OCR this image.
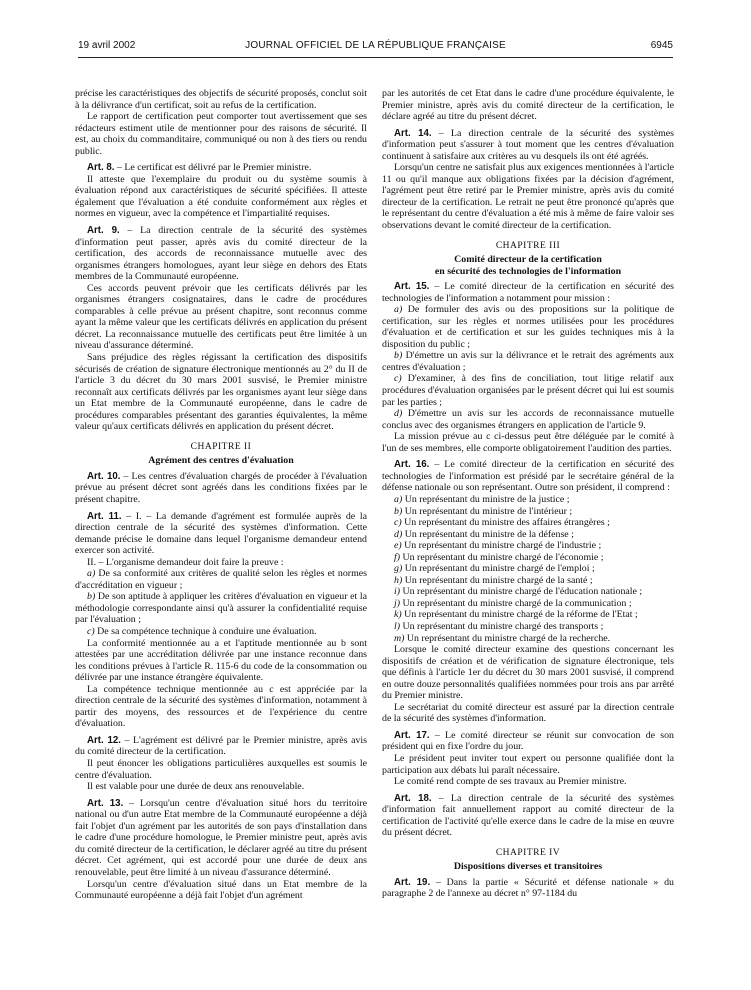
19 avril 2002	JOURNAL OFFICIEL DE LA RÉPUBLIQUE FRANÇAISE	6945

précise les caractéristiques des objectifs de sécurité proposés, conclut soit à la délivrance d'un certificat, soit au refus de la certification.

Le rapport de certification peut comporter tout avertissement que ses rédacteurs estiment utile de mentionner pour des raisons de sécurité. Il est, au choix du commanditaire, communiqué ou non à des tiers ou rendu public.

Art. 8. – Le certificat est délivré par le Premier ministre.

Il atteste que l'exemplaire du produit ou du système soumis à évaluation répond aux caractéristiques de sécurité spécifiées. Il atteste également que l'évaluation a été conduite conformément aux règles et normes en vigueur, avec la compétence et l'impartialité requises.

Art. 9. – La direction centrale de la sécurité des systèmes d'information peut passer, après avis du comité directeur de la certification, des accords de reconnaissance mutuelle avec des organismes étrangers homologues, ayant leur siège en dehors des Etats membres de la Communauté européenne.

Ces accords peuvent prévoir que les certificats délivrés par les organismes étrangers cosignataires, dans le cadre de procédures comparables à celle prévue au présent chapitre, sont reconnus comme ayant la même valeur que les certificats délivrés en application du présent décret. La reconnaissance mutuelle des certificats peut être limitée à un niveau d'assurance déterminé.

Sans préjudice des règles régissant la certification des dispositifs sécurisés de création de signature électronique mentionnés au 2° du II de l'article 3 du décret du 30 mars 2001 susvisé, le Premier ministre reconnaît aux certificats délivrés par les organismes ayant leur siège dans un Etat membre de la Communauté européenne, dans le cadre de procédures comparables présentant des garanties équivalentes, la même valeur qu'aux certificats délivrés en application du présent décret.

CHAPITRE II

Agrément des centres d'évaluation

Art. 10. – Les centres d'évaluation chargés de procéder à l'évaluation prévue au présent décret sont agréés dans les conditions fixées par le présent chapitre.

Art. 11. – I. – La demande d'agrément est formulée auprès de la direction centrale de la sécurité des systèmes d'information. Cette demande précise le domaine dans lequel l'organisme demandeur entend exercer son activité.

II. – L'organisme demandeur doit faire la preuve :

a) De sa conformité aux critères de qualité selon les règles et normes d'accréditation en vigueur ;

b) De son aptitude à appliquer les critères d'évaluation en vigueur et la méthodologie correspondante ainsi qu'à assurer la confidentialité requise par l'évaluation ;

c) De sa compétence technique à conduire une évaluation.

La conformité mentionnée au a et l'aptitude mentionnée au b sont attestées par une accréditation délivrée par une instance reconnue dans les conditions prévues à l'article R. 115-6 du code de la consommation ou délivrée par une instance étrangère équivalente.

La compétence technique mentionnée au c est appréciée par la direction centrale de la sécurité des systèmes d'information, notamment à partir des moyens, des ressources et de l'expérience du centre d'évaluation.

Art. 12. – L'agrément est délivré par le Premier ministre, après avis du comité directeur de la certification.

Il peut énoncer les obligations particulières auxquelles est soumis le centre d'évaluation.

Il est valable pour une durée de deux ans renouvelable.

Art. 13. – Lorsqu'un centre d'évaluation situé hors du territoire national ou d'un autre Etat membre de la Communauté européenne a déjà fait l'objet d'un agrément par les autorités de son pays d'installation dans le cadre d'une procédure homologue, le Premier ministre peut, après avis du comité directeur de la certification, le déclarer agréé au titre du présent décret. Cet agrément, qui est accordé pour une durée de deux ans renouvelable, peut être limité à un niveau d'assurance déterminé.

Lorsqu'un centre d'évaluation situé dans un Etat membre de la Communauté européenne a déjà fait l'objet d'un agrément

par les autorités de cet Etat dans le cadre d'une procédure équivalente, le Premier ministre, après avis du comité directeur de la certification, le déclare agréé au titre du présent décret.

Art. 14. – La direction centrale de la sécurité des systèmes d'information peut s'assurer à tout moment que les centres d'évaluation continuent à satisfaire aux critères au vu desquels ils ont été agréés.

Lorsqu'un centre ne satisfait plus aux exigences mentionnées à l'article 11 ou qu'il manque aux obligations fixées par la décision d'agrément, l'agrément peut être retiré par le Premier ministre, après avis du comité directeur de la certification. Le retrait ne peut être prononcé qu'après que le représentant du centre d'évaluation a été mis à même de faire valoir ses observations devant le comité directeur de la certification.

CHAPITRE III

Comité directeur de la certification
en sécurité des technologies de l'information

Art. 15. – Le comité directeur de la certification en sécurité des technologies de l'information a notamment pour mission :

a) De formuler des avis ou des propositions sur la politique de certification, sur les règles et normes utilisées pour les procédures d'évaluation et de certification et sur les guides techniques mis à la disposition du public ;

b) D'émettre un avis sur la délivrance et le retrait des agréments aux centres d'évaluation ;

c) D'examiner, à des fins de conciliation, tout litige relatif aux procédures d'évaluation organisées par le présent décret qui lui est soumis par les parties ;

d) D'émettre un avis sur les accords de reconnaissance mutuelle conclus avec des organismes étrangers en application de l'article 9.

La mission prévue au c ci-dessus peut être déléguée par le comité à l'un de ses membres, elle comporte obligatoirement l'audition des parties.

Art. 16. – Le comité directeur de la certification en sécurité des technologies de l'information est présidé par le secrétaire général de la défense nationale ou son représentant. Outre son président, il comprend :

a) Un représentant du ministre de la justice ;

b) Un représentant du ministre de l'intérieur ;

c) Un représentant du ministre des affaires étrangères ;

d) Un représentant du ministre de la défense ;

e) Un représentant du ministre chargé de l'industrie ;

f) Un représentant du ministre chargé de l'économie ;

g) Un représentant du ministre chargé de l'emploi ;

h) Un représentant du ministre chargé de la santé ;

i) Un représentant du ministre chargé de l'éducation nationale ;

j) Un représentant du ministre chargé de la communication ;

k) Un représentant du ministre chargé de la réforme de l'Etat ;

l) Un représentant du ministre chargé des transports ;

m) Un représentant du ministre chargé de la recherche.

Lorsque le comité directeur examine des questions concernant les dispositifs de création et de vérification de signature électronique, tels que définis à l'article 1er du décret du 30 mars 2001 susvisé, il comprend en outre douze personnalités qualifiées nommées pour trois ans par arrêté du Premier ministre.

Le secrétariat du comité directeur est assuré par la direction centrale de la sécurité des systèmes d'information.

Art. 17. – Le comité directeur se réunit sur convocation de son président qui en fixe l'ordre du jour.

Le président peut inviter tout expert ou personne qualifiée dont la participation aux débats lui paraît nécessaire.

Le comité rend compte de ses travaux au Premier ministre.

Art. 18. – La direction centrale de la sécurité des systèmes d'information fait annuellement rapport au comité directeur de la certification de l'activité qu'elle exerce dans le cadre de la mise en œuvre du présent décret.

CHAPITRE IV

Dispositions diverses et transitoires

Art. 19. – Dans la partie « Sécurité et défense nationale » du paragraphe 2 de l'annexe au décret n° 97-1184 du
